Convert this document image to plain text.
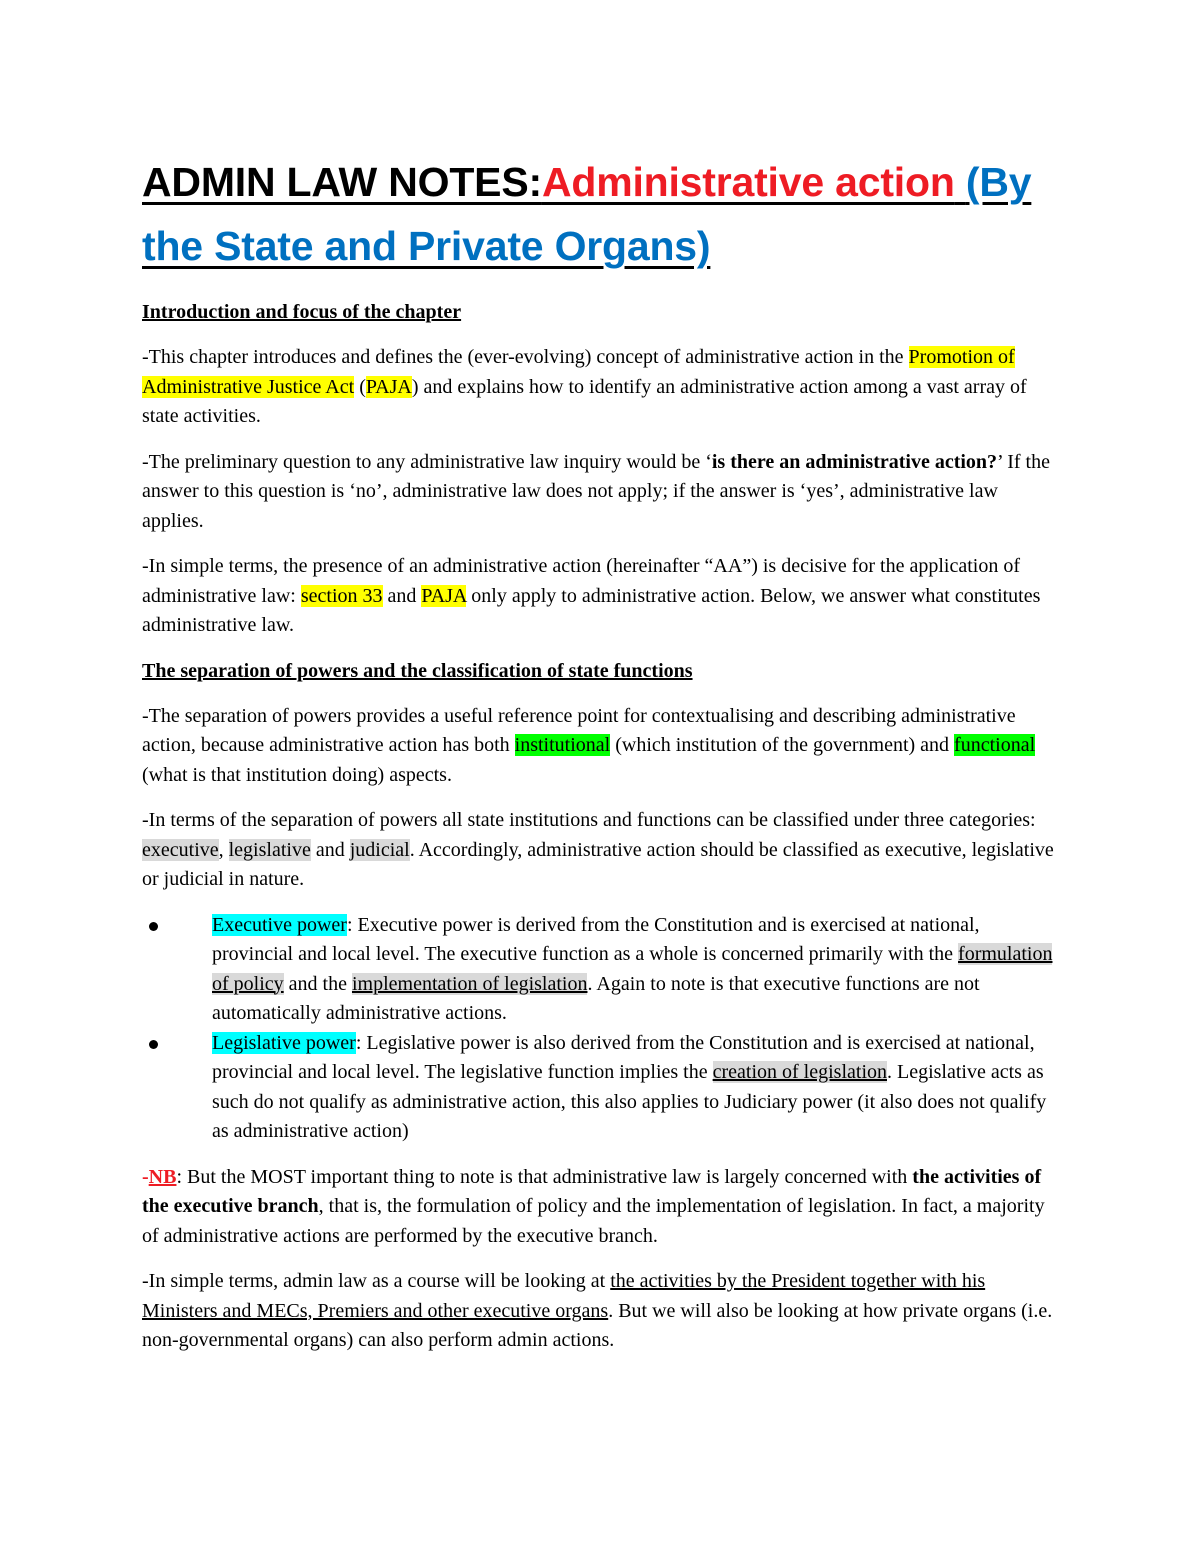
ADMIN LAW NOTES:Administrative action (By the State and Private Organs)
Introduction and focus of the chapter

-This chapter introduces and defines the (ever-evolving) concept of administrative action in the Promotion of Administrative Justice Act (PAJA) and explains how to identify an administrative action among a vast array of state activities.

-The preliminary question to any administrative law inquiry would be ‘is there an administrative action?’ If the answer to this question is ‘no’, administrative law does not apply; if the answer is ‘yes’, administrative law applies.

-In simple terms, the presence of an administrative action (hereinafter “AA”) is decisive for the application of administrative law: section 33 and PAJA only apply to administrative action. Below, we answer what constitutes administrative law.

The separation of powers and the classification of state functions

-The separation of powers provides a useful reference point for contextualising and describing administrative action, because administrative action has both institutional (which institution of the government) and functional (what is that institution doing) aspects.

-In terms of the separation of powers all state institutions and functions can be classified under three categories: executive, legislative and judicial. Accordingly, administrative action should be classified as executive, legislative or judicial in nature.

Executive power: Executive power is derived from the Constitution and is exercised at national, provincial and local level. The executive function as a whole is concerned primarily with the formulation of policy and the implementation of legislation. Again to note is that executive functions are not automatically administrative actions.
Legislative power: Legislative power is also derived from the Constitution and is exercised at national, provincial and local level. The legislative function implies the creation of legislation. Legislative acts as such do not qualify as administrative action, this also applies to Judiciary power (it also does not qualify as administrative action)

-NB: But the MOST important thing to note is that administrative law is largely concerned with the activities of the executive branch, that is, the formulation of policy and the implementation of legislation. In fact, a majority of administrative actions are performed by the executive branch.

-In simple terms, admin law as a course will be looking at the activities by the President together with his Ministers and MECs, Premiers and other executive organs. But we will also be looking at how private organs (i.e. non-governmental organs) can also perform admin actions.
